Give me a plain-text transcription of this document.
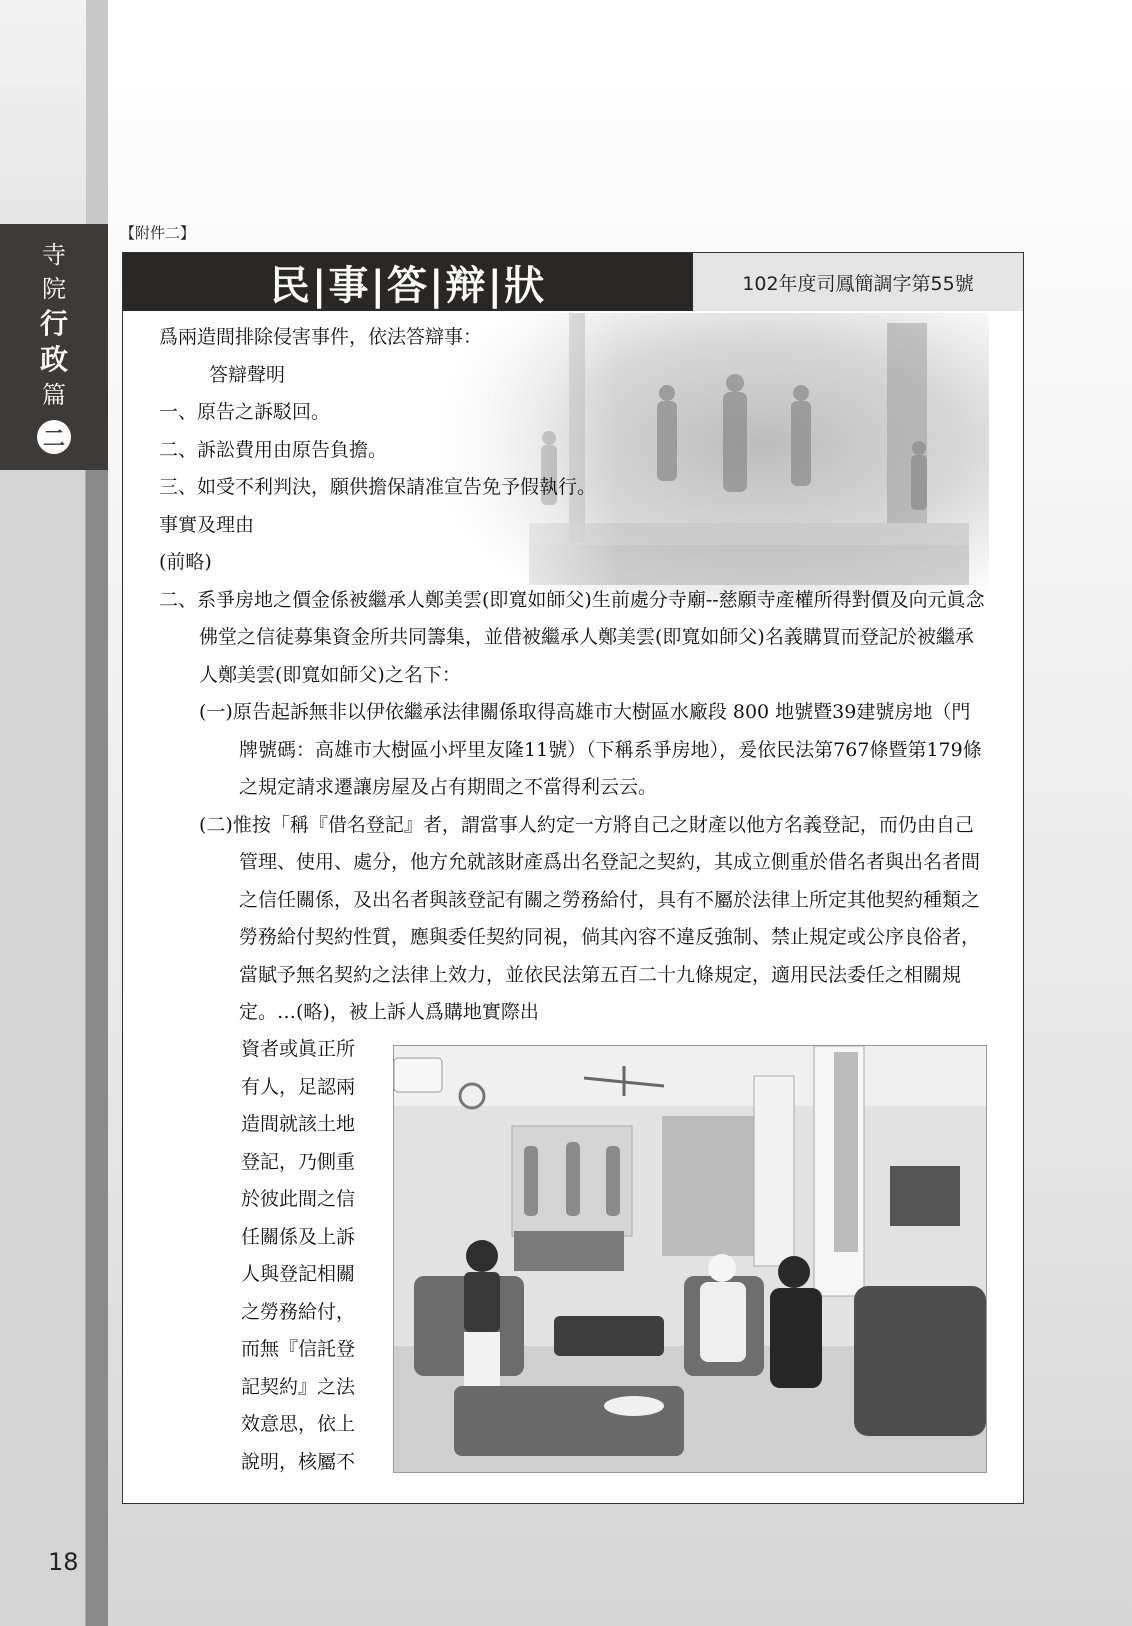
寺
院
行
政
篇
二
18
【附件二】
民|事|答|辩|狀	102年度司鳳簡調字第55號
爲兩造間排除侵害事件，依法答辯事：
答辯聲明
一、原告之訴駁回。
二、訴訟費用由原告負擔。
三、如受不利判決，願供擔保請准宣告免予假執行。
事實及理由
(前略)
二、系爭房地之價金係被繼承人鄭美雲(即寬如師父)生前處分寺廟--慈願寺產權所得對價及向元眞念佛堂之信徒募集資金所共同籌集，並借被繼承人鄭美雲(即寬如師父)名義購買而登記於被繼承人鄭美雲(即寬如師父)之名下：
(一)原告起訴無非以伊依繼承法律關係取得高雄市大樹區水廠段 800 地號暨39建號房地（門牌號碼：高雄市大樹區小坪里友隆11號）（下稱系爭房地），爰依民法第767條暨第179條之規定請求遷讓房屋及占有期間之不當得利云云。
(二)惟按「稱『借名登記』者，謂當事人約定一方將自己之財產以他方名義登記，而仍由自己管理、使用、處分，他方允就該財產爲出名登記之契約，其成立側重於借名者與出名者間之信任關係，及出名者與該登記有關之勞務給付，具有不屬於法律上所定其他契約種類之勞務給付契約性質，應與委任契約同視，倘其內容不違反強制、禁止規定或公序良俗者，當賦予無名契約之法律上效力，並依民法第五百二十九條規定，適用民法委任之相關規定。…(略)，被上訴人爲購地實際出
資者或眞正所
有人，足認兩
造間就該土地
登記，乃側重
於彼此間之信
任關係及上訴
人與登記相關
之勞務給付，
而無『信託登
記契約』之法
效意思，依上
說明，核屬不
